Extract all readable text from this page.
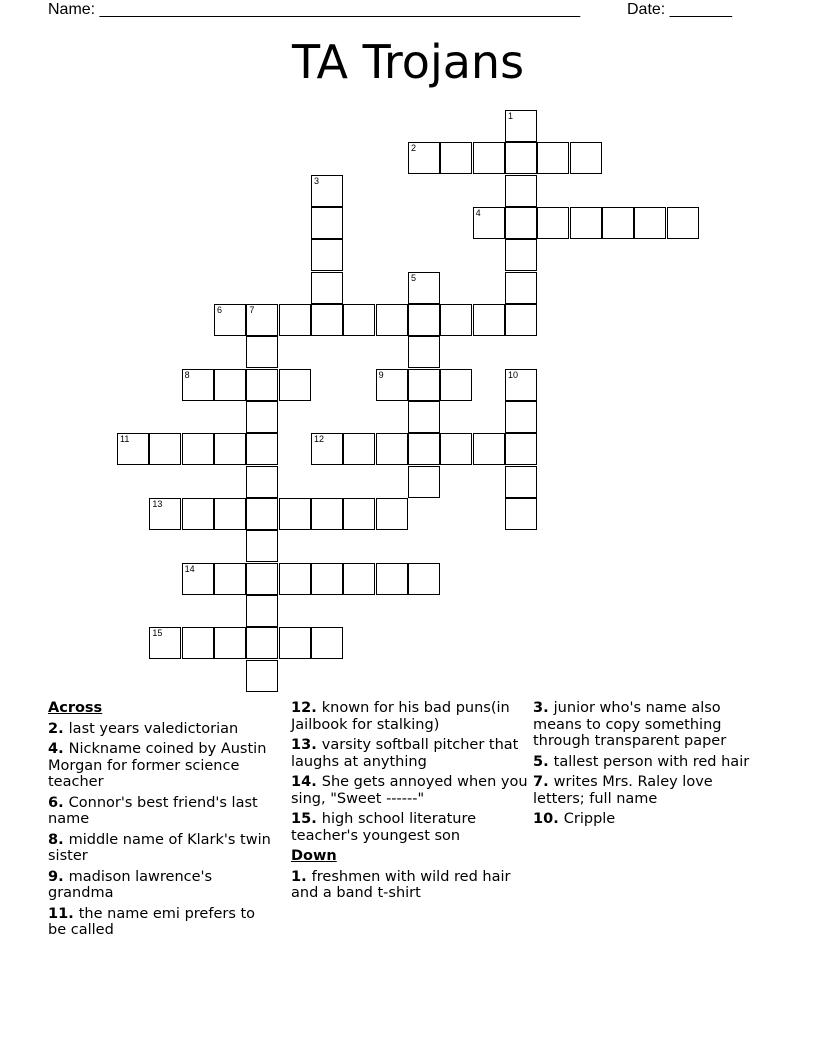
Name: ______________________________________________________	Date: _______
TA Trojans
1
2
3
4
5
6	7
8	9	10
11	12
13
14
15
Across
2. last years valedictorian
4. Nickname coined by Austin Morgan for former science teacher
6. Connor's best friend's last name
8. middle name of Klark's twin sister
9. madison lawrence's grandma
11. the name emi prefers to be called
12. known for his bad puns(in Jailbook for stalking)
13. varsity softball pitcher that laughs at anything
14. She gets annoyed when you sing, "Sweet ------"
15. high school literature teacher's youngest son
Down
1. freshmen with wild red hair and a band t-shirt
3. junior who's name also means to copy something through transparent paper
5. tallest person with red hair
7. writes Mrs. Raley love letters; full name
10. Cripple
